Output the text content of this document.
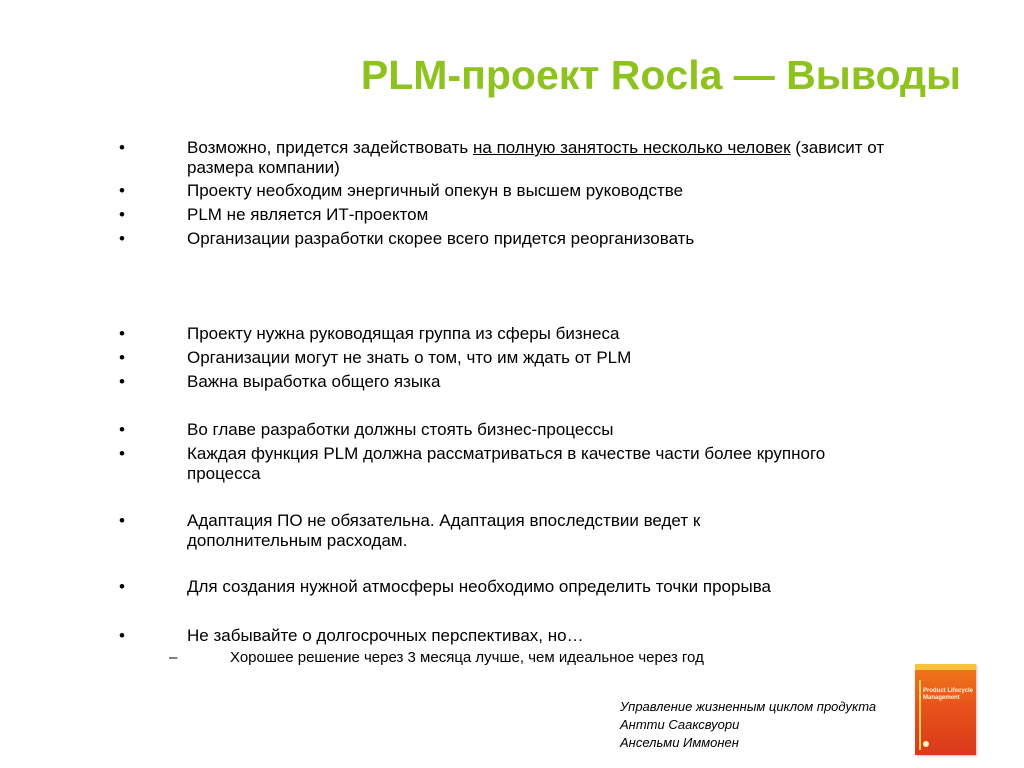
PLM-проект Rocla — Выводы
•	Возможно, придется задействовать на полную занятость несколько человек (зависит от размера компании)
•	Проекту необходим энергичный опекун в высшем руководстве
•	PLM не является ИТ-проектом
•	Организации разработки скорее всего придется реорганизовать
•	Проекту нужна руководящая группа из сферы бизнеса
•	Организации могут не знать о том, что им ждать от PLM
•	Важна выработка общего языка
•	Во главе разработки должны стоять бизнес-процессы
•	Каждая функция PLM должна рассматриваться в качестве части более крупного процесса
•	Адаптация ПО не обязательна. Адаптация впоследствии ведет к дополнительным расходам.
•	Для создания нужной атмосферы необходимо определить точки прорыва
•	Не забывайте о долгосрочных перспективах, но…
–	Хорошее решение через 3 месяца лучше, чем идеальное через год
Управление жизненным циклом продукта
Антти Сааксвуори
Ансельми Иммонен
Product Lifecycle Management
